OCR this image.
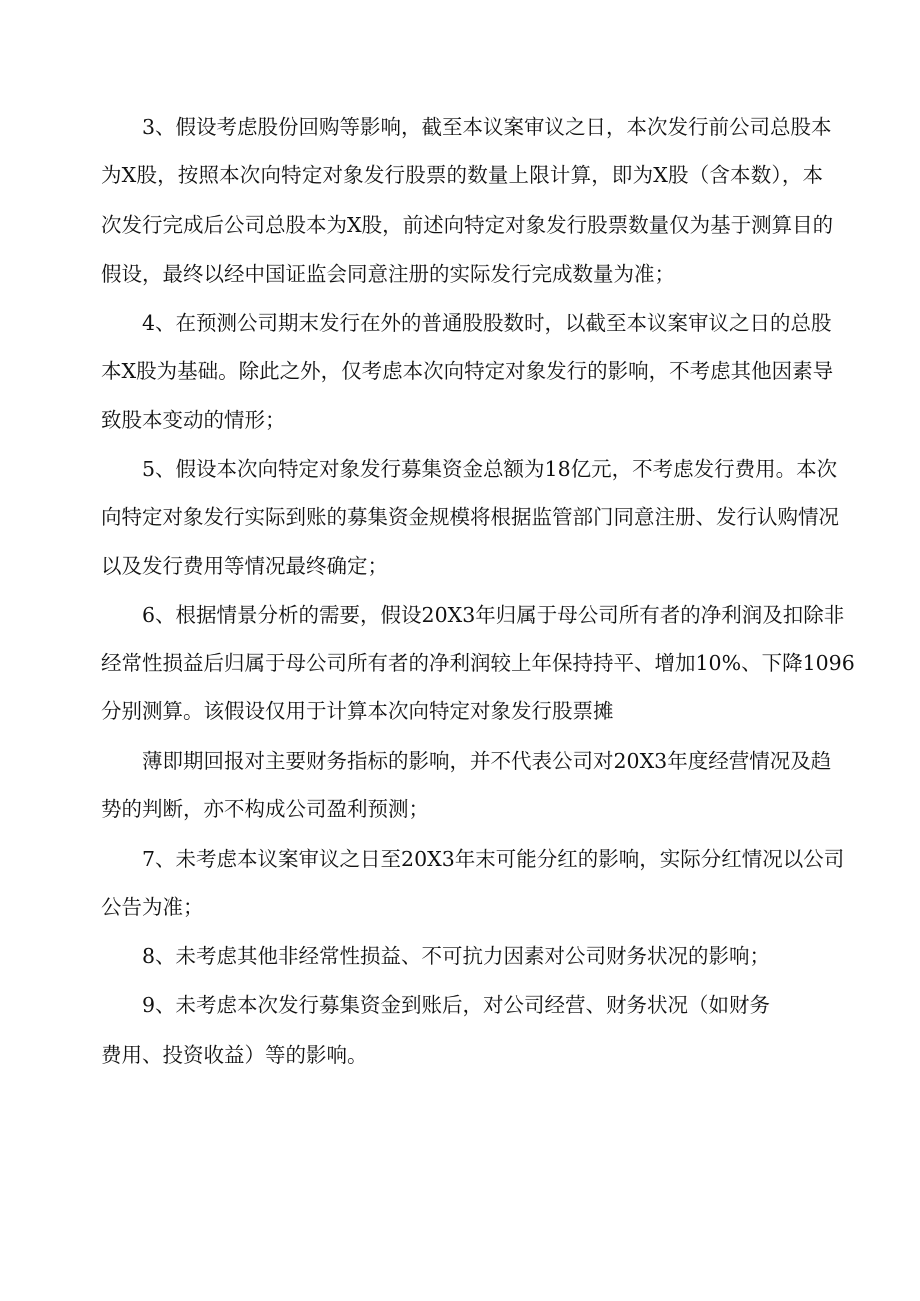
3、假设考虑股份回购等影响，截至本议案审议之日，本次发行前公司总股本
为X股，按照本次向特定对象发行股票的数量上限计算，即为X股（含本数），本
次发行完成后公司总股本为X股，前述向特定对象发行股票数量仅为基于测算目的
假设，最终以经中国证监会同意注册的实际发行完成数量为准；
4、在预测公司期末发行在外的普通股股数时，以截至本议案审议之日的总股
本X股为基础。除此之外，仅考虑本次向特定对象发行的影响，不考虑其他因素导
致股本变动的情形；
5、假设本次向特定对象发行募集资金总额为18亿元，不考虑发行费用。本次
向特定对象发行实际到账的募集资金规模将根据监管部门同意注册、发行认购情况
以及发行费用等情况最终确定；
6、根据情景分析的需要，假设20X3年归属于母公司所有者的净利润及扣除非
经常性损益后归属于母公司所有者的净利润较上年保持持平、增加10%、下降1096
分别测算。该假设仅用于计算本次向特定对象发行股票摊
薄即期回报对主要财务指标的影响，并不代表公司对20X3年度经营情况及趋
势的判断，亦不构成公司盈利预测；
7、未考虑本议案审议之日至20X3年末可能分红的影响，实际分红情况以公司
公告为准；
8、未考虑其他非经常性损益、不可抗力因素对公司财务状况的影响；
9、未考虑本次发行募集资金到账后，对公司经营、财务状况（如财务
费用、投资收益）等的影响。
